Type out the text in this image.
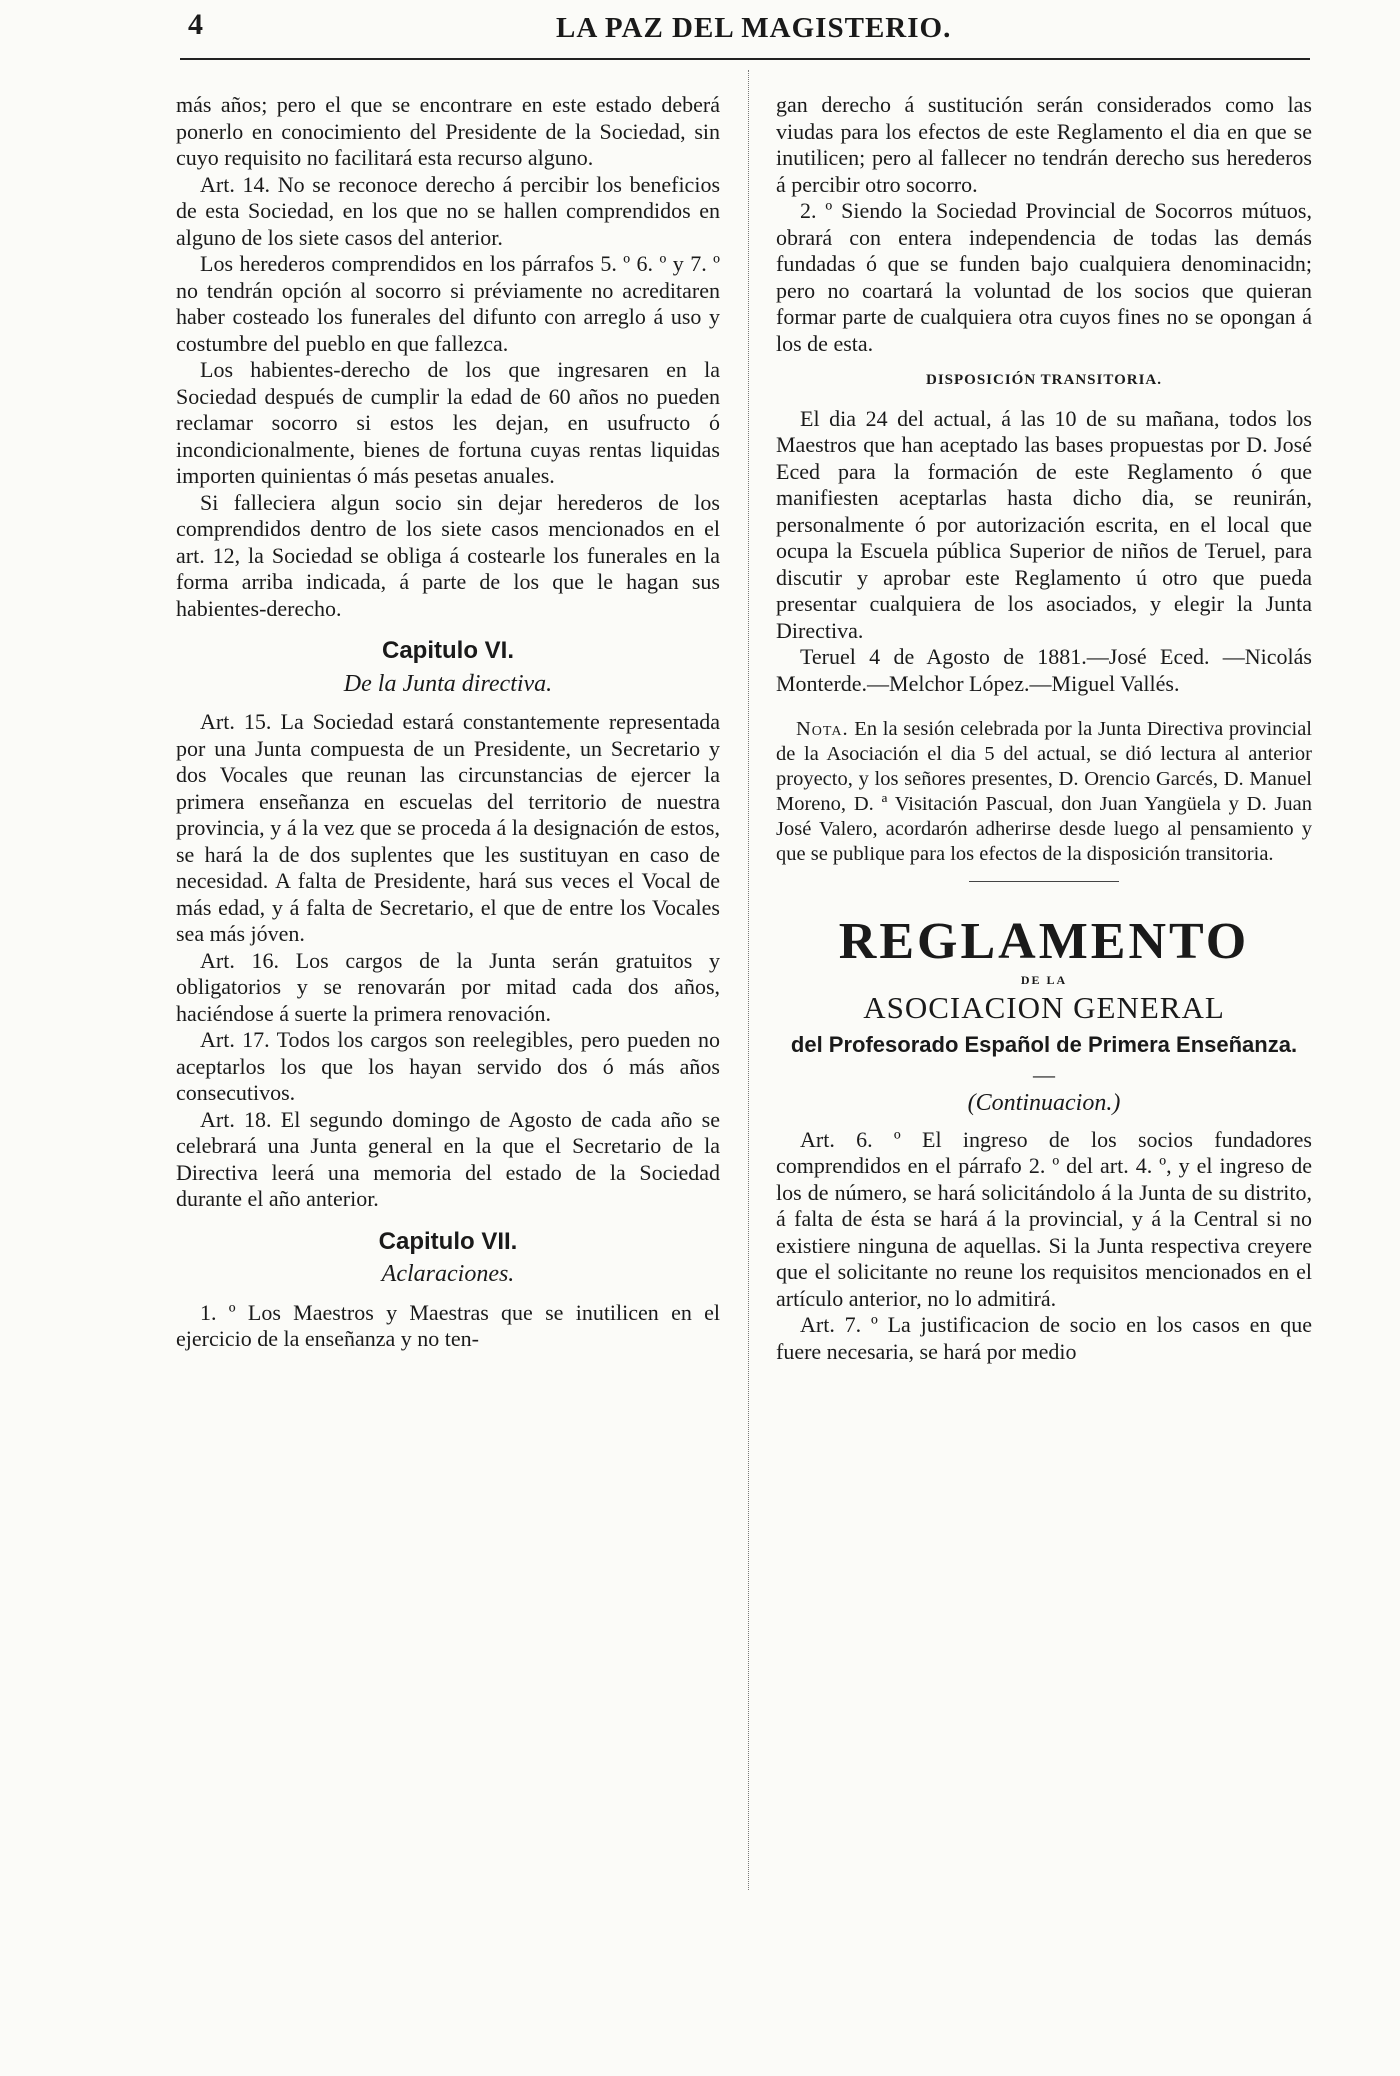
4	LA PAZ DEL MAGISTERIO.

más años; pero el que se encontrare en este estado deberá ponerlo en conocimiento del Presidente de la Sociedad, sin cuyo requisito no facilitará esta recurso alguno.

Art. 14. No se reconoce derecho á percibir los beneficios de esta Sociedad, en los que no se hallen comprendidos en alguno de los siete casos del anterior.

Los herederos comprendidos en los párrafos 5. º 6. º y 7. º no tendrán opción al socorro si préviamente no acreditaren haber costeado los funerales del difunto con arreglo á uso y costumbre del pueblo en que fallezca.

Los habientes-derecho de los que ingresaren en la Sociedad después de cumplir la edad de 60 años no pueden reclamar socorro si estos les dejan, en usufructo ó incondicionalmente, bienes de fortuna cuyas rentas liquidas importen quinientas ó más pesetas anuales.

Si falleciera algun socio sin dejar herederos de los comprendidos dentro de los siete casos mencionados en el art. 12, la Sociedad se obliga á costearle los funerales en la forma arriba indicada, á parte de los que le hagan sus habientes-derecho.

Capitulo VI.

De la Junta directiva.

Art. 15. La Sociedad estará constantemente representada por una Junta compuesta de un Presidente, un Secretario y dos Vocales que reunan las circunstancias de ejercer la primera enseñanza en escuelas del territorio de nuestra provincia, y á la vez que se proceda á la designación de estos, se hará la de dos suplentes que les sustituyan en caso de necesidad. A falta de Presidente, hará sus veces el Vocal de más edad, y á falta de Secretario, el que de entre los Vocales sea más jóven.

Art. 16. Los cargos de la Junta serán gratuitos y obligatorios y se renovarán por mitad cada dos años, haciéndose á suerte la primera renovación.

Art. 17. Todos los cargos son reelegibles, pero pueden no aceptarlos los que los hayan servido dos ó más años consecutivos.

Art. 18. El segundo domingo de Agosto de cada año se celebrará una Junta general en la que el Secretario de la Directiva leerá una memoria del estado de la Sociedad durante el año anterior.

Capitulo VII.

Aclaraciones.

1. º Los Maestros y Maestras que se inutilicen en el ejercicio de la enseñanza y no ten-

gan derecho á sustitución serán considerados como las viudas para los efectos de este Reglamento el dia en que se inutilicen; pero al fallecer no tendrán derecho sus herederos á percibir otro socorro.

2. º Siendo la Sociedad Provincial de Socorros mútuos, obrará con entera independencia de todas las demás fundadas ó que se funden bajo cualquiera denominacidn; pero no coartará la voluntad de los socios que quieran formar parte de cualquiera otra cuyos fines no se opongan á los de esta.

DISPOSICIÓN TRANSITORIA.

El dia 24 del actual, á las 10 de su mañana, todos los Maestros que han aceptado las bases propuestas por D. José Eced para la formación de este Reglamento ó que manifiesten aceptarlas hasta dicho dia, se reunirán, personalmente ó por autorización escrita, en el local que ocupa la Escuela pública Superior de niños de Teruel, para discutir y aprobar este Reglamento ú otro que pueda presentar cualquiera de los asociados, y elegir la Junta Directiva.

Teruel 4 de Agosto de 1881.—José Eced. —Nicolás Monterde.—Melchor López.—Miguel Vallés.

Nota. En la sesión celebrada por la Junta Directiva provincial de la Asociación el dia 5 del actual, se dió lectura al anterior proyecto, y los señores presentes, D. Orencio Garcés, D. Manuel Moreno, D. ª Visitación Pascual, don Juan Yangüela y D. Juan José Valero, acordarón adherirse desde luego al pensamiento y que se publique para los efectos de la disposición transitoria.

REGLAMENTO

DE LA

ASOCIACION GENERAL

del Profesorado Español de Primera Enseñanza.

—

(Continuacion.)

Art. 6. º El ingreso de los socios fundadores comprendidos en el párrafo 2. º del art. 4. º, y el ingreso de los de número, se hará solicitándolo á la Junta de su distrito, á falta de ésta se hará á la provincial, y á la Central si no existiere ninguna de aquellas. Si la Junta respectiva creyere que el solicitante no reune los requisitos mencionados en el artículo anterior, no lo admitirá.

Art. 7. º La justificacion de socio en los casos en que fuere necesaria, se hará por medio
